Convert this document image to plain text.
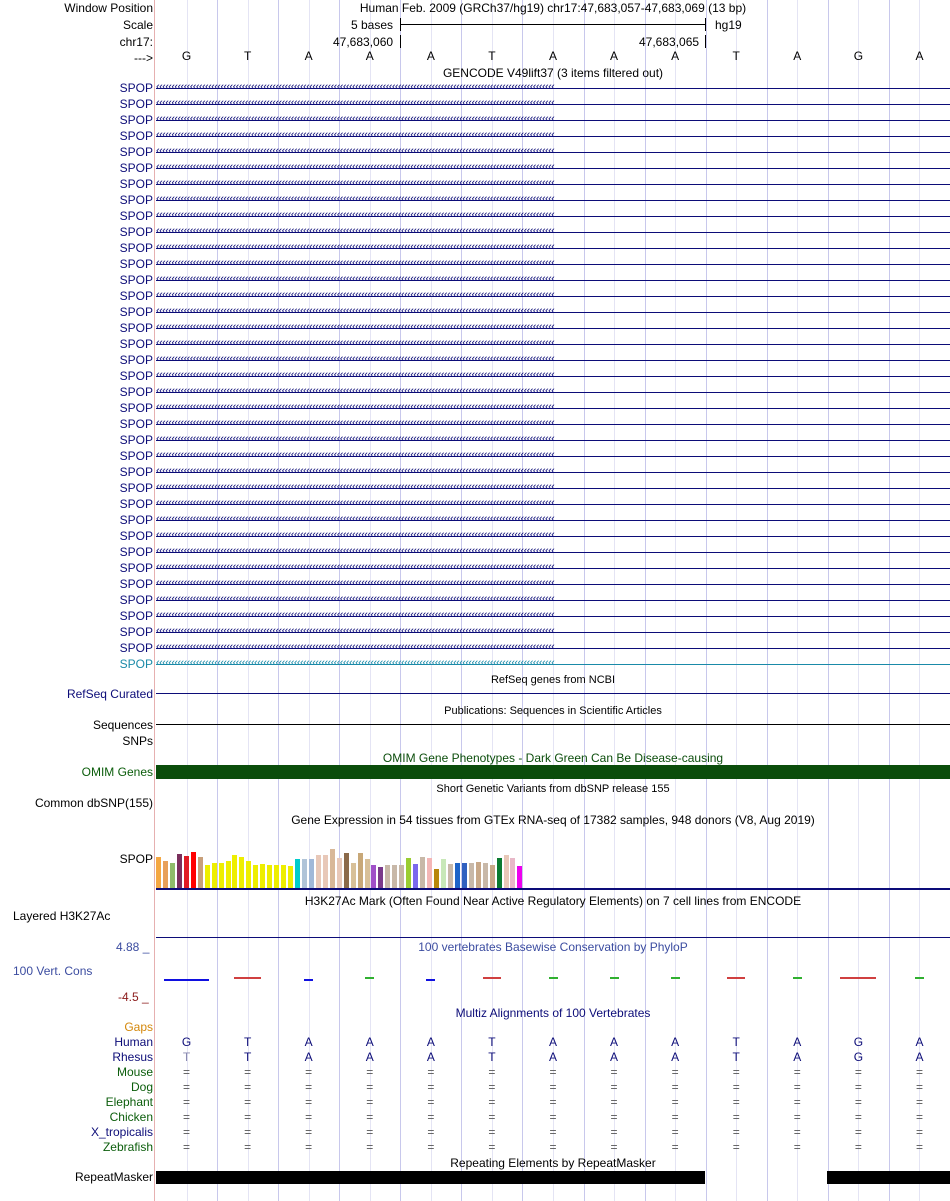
Window Position
Scale
chr17:
--->
Human Feb. 2009 (GRCh37/hg19) chr17:47,683,057-47,683,069 (13 bp)
5 bases	hg19
47,683,060	47,683,065
G	T	A	A	A	T	A	A	A	T	A	G	A
GENCODE V49lift37 (3 items filtered out)
SPOP ‹‹‹‹‹‹‹‹‹‹‹‹‹‹‹‹‹‹‹‹‹‹‹‹‹‹‹‹‹‹‹‹‹‹‹‹‹‹‹‹‹‹‹‹‹‹‹‹‹‹‹‹‹‹‹‹‹‹‹‹‹‹‹‹‹‹‹‹‹‹‹‹‹‹‹‹‹‹‹‹‹‹‹‹‹‹‹‹‹‹‹‹‹‹‹‹‹‹‹‹‹‹‹‹‹‹‹‹‹‹‹‹‹‹‹‹‹‹‹‹‹‹‹‹‹‹‹‹‹‹
SPOP ‹‹‹‹‹‹‹‹‹‹‹‹‹‹‹‹‹‹‹‹‹‹‹‹‹‹‹‹‹‹‹‹‹‹‹‹‹‹‹‹‹‹‹‹‹‹‹‹‹‹‹‹‹‹‹‹‹‹‹‹‹‹‹‹‹‹‹‹‹‹‹‹‹‹‹‹‹‹‹‹‹‹‹‹‹‹‹‹‹‹‹‹‹‹‹‹‹‹‹‹‹‹‹‹‹‹‹‹‹‹‹‹‹‹‹‹‹‹‹‹‹‹‹‹‹‹‹‹‹‹
SPOP ‹‹‹‹‹‹‹‹‹‹‹‹‹‹‹‹‹‹‹‹‹‹‹‹‹‹‹‹‹‹‹‹‹‹‹‹‹‹‹‹‹‹‹‹‹‹‹‹‹‹‹‹‹‹‹‹‹‹‹‹‹‹‹‹‹‹‹‹‹‹‹‹‹‹‹‹‹‹‹‹‹‹‹‹‹‹‹‹‹‹‹‹‹‹‹‹‹‹‹‹‹‹‹‹‹‹‹‹‹‹‹‹‹‹‹‹‹‹‹‹‹‹‹‹‹‹‹‹‹‹
SPOP ‹‹‹‹‹‹‹‹‹‹‹‹‹‹‹‹‹‹‹‹‹‹‹‹‹‹‹‹‹‹‹‹‹‹‹‹‹‹‹‹‹‹‹‹‹‹‹‹‹‹‹‹‹‹‹‹‹‹‹‹‹‹‹‹‹‹‹‹‹‹‹‹‹‹‹‹‹‹‹‹‹‹‹‹‹‹‹‹‹‹‹‹‹‹‹‹‹‹‹‹‹‹‹‹‹‹‹‹‹‹‹‹‹‹‹‹‹‹‹‹‹‹‹‹‹‹‹‹‹‹
SPOP ‹‹‹‹‹‹‹‹‹‹‹‹‹‹‹‹‹‹‹‹‹‹‹‹‹‹‹‹‹‹‹‹‹‹‹‹‹‹‹‹‹‹‹‹‹‹‹‹‹‹‹‹‹‹‹‹‹‹‹‹‹‹‹‹‹‹‹‹‹‹‹‹‹‹‹‹‹‹‹‹‹‹‹‹‹‹‹‹‹‹‹‹‹‹‹‹‹‹‹‹‹‹‹‹‹‹‹‹‹‹‹‹‹‹‹‹‹‹‹‹‹‹‹‹‹‹‹‹‹‹
SPOP ‹‹‹‹‹‹‹‹‹‹‹‹‹‹‹‹‹‹‹‹‹‹‹‹‹‹‹‹‹‹‹‹‹‹‹‹‹‹‹‹‹‹‹‹‹‹‹‹‹‹‹‹‹‹‹‹‹‹‹‹‹‹‹‹‹‹‹‹‹‹‹‹‹‹‹‹‹‹‹‹‹‹‹‹‹‹‹‹‹‹‹‹‹‹‹‹‹‹‹‹‹‹‹‹‹‹‹‹‹‹‹‹‹‹‹‹‹‹‹‹‹‹‹‹‹‹‹‹‹‹
SPOP ‹‹‹‹‹‹‹‹‹‹‹‹‹‹‹‹‹‹‹‹‹‹‹‹‹‹‹‹‹‹‹‹‹‹‹‹‹‹‹‹‹‹‹‹‹‹‹‹‹‹‹‹‹‹‹‹‹‹‹‹‹‹‹‹‹‹‹‹‹‹‹‹‹‹‹‹‹‹‹‹‹‹‹‹‹‹‹‹‹‹‹‹‹‹‹‹‹‹‹‹‹‹‹‹‹‹‹‹‹‹‹‹‹‹‹‹‹‹‹‹‹‹‹‹‹‹‹‹‹‹
SPOP ‹‹‹‹‹‹‹‹‹‹‹‹‹‹‹‹‹‹‹‹‹‹‹‹‹‹‹‹‹‹‹‹‹‹‹‹‹‹‹‹‹‹‹‹‹‹‹‹‹‹‹‹‹‹‹‹‹‹‹‹‹‹‹‹‹‹‹‹‹‹‹‹‹‹‹‹‹‹‹‹‹‹‹‹‹‹‹‹‹‹‹‹‹‹‹‹‹‹‹‹‹‹‹‹‹‹‹‹‹‹‹‹‹‹‹‹‹‹‹‹‹‹‹‹‹‹‹‹‹‹
SPOP ‹‹‹‹‹‹‹‹‹‹‹‹‹‹‹‹‹‹‹‹‹‹‹‹‹‹‹‹‹‹‹‹‹‹‹‹‹‹‹‹‹‹‹‹‹‹‹‹‹‹‹‹‹‹‹‹‹‹‹‹‹‹‹‹‹‹‹‹‹‹‹‹‹‹‹‹‹‹‹‹‹‹‹‹‹‹‹‹‹‹‹‹‹‹‹‹‹‹‹‹‹‹‹‹‹‹‹‹‹‹‹‹‹‹‹‹‹‹‹‹‹‹‹‹‹‹‹‹‹‹
SPOP ‹‹‹‹‹‹‹‹‹‹‹‹‹‹‹‹‹‹‹‹‹‹‹‹‹‹‹‹‹‹‹‹‹‹‹‹‹‹‹‹‹‹‹‹‹‹‹‹‹‹‹‹‹‹‹‹‹‹‹‹‹‹‹‹‹‹‹‹‹‹‹‹‹‹‹‹‹‹‹‹‹‹‹‹‹‹‹‹‹‹‹‹‹‹‹‹‹‹‹‹‹‹‹‹‹‹‹‹‹‹‹‹‹‹‹‹‹‹‹‹‹‹‹‹‹‹‹‹‹‹
SPOP ‹‹‹‹‹‹‹‹‹‹‹‹‹‹‹‹‹‹‹‹‹‹‹‹‹‹‹‹‹‹‹‹‹‹‹‹‹‹‹‹‹‹‹‹‹‹‹‹‹‹‹‹‹‹‹‹‹‹‹‹‹‹‹‹‹‹‹‹‹‹‹‹‹‹‹‹‹‹‹‹‹‹‹‹‹‹‹‹‹‹‹‹‹‹‹‹‹‹‹‹‹‹‹‹‹‹‹‹‹‹‹‹‹‹‹‹‹‹‹‹‹‹‹‹‹‹‹‹‹‹
SPOP ‹‹‹‹‹‹‹‹‹‹‹‹‹‹‹‹‹‹‹‹‹‹‹‹‹‹‹‹‹‹‹‹‹‹‹‹‹‹‹‹‹‹‹‹‹‹‹‹‹‹‹‹‹‹‹‹‹‹‹‹‹‹‹‹‹‹‹‹‹‹‹‹‹‹‹‹‹‹‹‹‹‹‹‹‹‹‹‹‹‹‹‹‹‹‹‹‹‹‹‹‹‹‹‹‹‹‹‹‹‹‹‹‹‹‹‹‹‹‹‹‹‹‹‹‹‹‹‹‹‹
SPOP ‹‹‹‹‹‹‹‹‹‹‹‹‹‹‹‹‹‹‹‹‹‹‹‹‹‹‹‹‹‹‹‹‹‹‹‹‹‹‹‹‹‹‹‹‹‹‹‹‹‹‹‹‹‹‹‹‹‹‹‹‹‹‹‹‹‹‹‹‹‹‹‹‹‹‹‹‹‹‹‹‹‹‹‹‹‹‹‹‹‹‹‹‹‹‹‹‹‹‹‹‹‹‹‹‹‹‹‹‹‹‹‹‹‹‹‹‹‹‹‹‹‹‹‹‹‹‹‹‹‹
SPOP ‹‹‹‹‹‹‹‹‹‹‹‹‹‹‹‹‹‹‹‹‹‹‹‹‹‹‹‹‹‹‹‹‹‹‹‹‹‹‹‹‹‹‹‹‹‹‹‹‹‹‹‹‹‹‹‹‹‹‹‹‹‹‹‹‹‹‹‹‹‹‹‹‹‹‹‹‹‹‹‹‹‹‹‹‹‹‹‹‹‹‹‹‹‹‹‹‹‹‹‹‹‹‹‹‹‹‹‹‹‹‹‹‹‹‹‹‹‹‹‹‹‹‹‹‹‹‹‹‹‹
SPOP ‹‹‹‹‹‹‹‹‹‹‹‹‹‹‹‹‹‹‹‹‹‹‹‹‹‹‹‹‹‹‹‹‹‹‹‹‹‹‹‹‹‹‹‹‹‹‹‹‹‹‹‹‹‹‹‹‹‹‹‹‹‹‹‹‹‹‹‹‹‹‹‹‹‹‹‹‹‹‹‹‹‹‹‹‹‹‹‹‹‹‹‹‹‹‹‹‹‹‹‹‹‹‹‹‹‹‹‹‹‹‹‹‹‹‹‹‹‹‹‹‹‹‹‹‹‹‹‹‹‹
SPOP ‹‹‹‹‹‹‹‹‹‹‹‹‹‹‹‹‹‹‹‹‹‹‹‹‹‹‹‹‹‹‹‹‹‹‹‹‹‹‹‹‹‹‹‹‹‹‹‹‹‹‹‹‹‹‹‹‹‹‹‹‹‹‹‹‹‹‹‹‹‹‹‹‹‹‹‹‹‹‹‹‹‹‹‹‹‹‹‹‹‹‹‹‹‹‹‹‹‹‹‹‹‹‹‹‹‹‹‹‹‹‹‹‹‹‹‹‹‹‹‹‹‹‹‹‹‹‹‹‹‹
SPOP ‹‹‹‹‹‹‹‹‹‹‹‹‹‹‹‹‹‹‹‹‹‹‹‹‹‹‹‹‹‹‹‹‹‹‹‹‹‹‹‹‹‹‹‹‹‹‹‹‹‹‹‹‹‹‹‹‹‹‹‹‹‹‹‹‹‹‹‹‹‹‹‹‹‹‹‹‹‹‹‹‹‹‹‹‹‹‹‹‹‹‹‹‹‹‹‹‹‹‹‹‹‹‹‹‹‹‹‹‹‹‹‹‹‹‹‹‹‹‹‹‹‹‹‹‹‹‹‹‹‹
SPOP ‹‹‹‹‹‹‹‹‹‹‹‹‹‹‹‹‹‹‹‹‹‹‹‹‹‹‹‹‹‹‹‹‹‹‹‹‹‹‹‹‹‹‹‹‹‹‹‹‹‹‹‹‹‹‹‹‹‹‹‹‹‹‹‹‹‹‹‹‹‹‹‹‹‹‹‹‹‹‹‹‹‹‹‹‹‹‹‹‹‹‹‹‹‹‹‹‹‹‹‹‹‹‹‹‹‹‹‹‹‹‹‹‹‹‹‹‹‹‹‹‹‹‹‹‹‹‹‹‹‹
SPOP ‹‹‹‹‹‹‹‹‹‹‹‹‹‹‹‹‹‹‹‹‹‹‹‹‹‹‹‹‹‹‹‹‹‹‹‹‹‹‹‹‹‹‹‹‹‹‹‹‹‹‹‹‹‹‹‹‹‹‹‹‹‹‹‹‹‹‹‹‹‹‹‹‹‹‹‹‹‹‹‹‹‹‹‹‹‹‹‹‹‹‹‹‹‹‹‹‹‹‹‹‹‹‹‹‹‹‹‹‹‹‹‹‹‹‹‹‹‹‹‹‹‹‹‹‹‹‹‹‹‹
SPOP ‹‹‹‹‹‹‹‹‹‹‹‹‹‹‹‹‹‹‹‹‹‹‹‹‹‹‹‹‹‹‹‹‹‹‹‹‹‹‹‹‹‹‹‹‹‹‹‹‹‹‹‹‹‹‹‹‹‹‹‹‹‹‹‹‹‹‹‹‹‹‹‹‹‹‹‹‹‹‹‹‹‹‹‹‹‹‹‹‹‹‹‹‹‹‹‹‹‹‹‹‹‹‹‹‹‹‹‹‹‹‹‹‹‹‹‹‹‹‹‹‹‹‹‹‹‹‹‹‹‹
SPOP ‹‹‹‹‹‹‹‹‹‹‹‹‹‹‹‹‹‹‹‹‹‹‹‹‹‹‹‹‹‹‹‹‹‹‹‹‹‹‹‹‹‹‹‹‹‹‹‹‹‹‹‹‹‹‹‹‹‹‹‹‹‹‹‹‹‹‹‹‹‹‹‹‹‹‹‹‹‹‹‹‹‹‹‹‹‹‹‹‹‹‹‹‹‹‹‹‹‹‹‹‹‹‹‹‹‹‹‹‹‹‹‹‹‹‹‹‹‹‹‹‹‹‹‹‹‹‹‹‹‹
SPOP ‹‹‹‹‹‹‹‹‹‹‹‹‹‹‹‹‹‹‹‹‹‹‹‹‹‹‹‹‹‹‹‹‹‹‹‹‹‹‹‹‹‹‹‹‹‹‹‹‹‹‹‹‹‹‹‹‹‹‹‹‹‹‹‹‹‹‹‹‹‹‹‹‹‹‹‹‹‹‹‹‹‹‹‹‹‹‹‹‹‹‹‹‹‹‹‹‹‹‹‹‹‹‹‹‹‹‹‹‹‹‹‹‹‹‹‹‹‹‹‹‹‹‹‹‹‹‹‹‹‹
SPOP ‹‹‹‹‹‹‹‹‹‹‹‹‹‹‹‹‹‹‹‹‹‹‹‹‹‹‹‹‹‹‹‹‹‹‹‹‹‹‹‹‹‹‹‹‹‹‹‹‹‹‹‹‹‹‹‹‹‹‹‹‹‹‹‹‹‹‹‹‹‹‹‹‹‹‹‹‹‹‹‹‹‹‹‹‹‹‹‹‹‹‹‹‹‹‹‹‹‹‹‹‹‹‹‹‹‹‹‹‹‹‹‹‹‹‹‹‹‹‹‹‹‹‹‹‹‹‹‹‹‹
SPOP ‹‹‹‹‹‹‹‹‹‹‹‹‹‹‹‹‹‹‹‹‹‹‹‹‹‹‹‹‹‹‹‹‹‹‹‹‹‹‹‹‹‹‹‹‹‹‹‹‹‹‹‹‹‹‹‹‹‹‹‹‹‹‹‹‹‹‹‹‹‹‹‹‹‹‹‹‹‹‹‹‹‹‹‹‹‹‹‹‹‹‹‹‹‹‹‹‹‹‹‹‹‹‹‹‹‹‹‹‹‹‹‹‹‹‹‹‹‹‹‹‹‹‹‹‹‹‹‹‹‹
SPOP ‹‹‹‹‹‹‹‹‹‹‹‹‹‹‹‹‹‹‹‹‹‹‹‹‹‹‹‹‹‹‹‹‹‹‹‹‹‹‹‹‹‹‹‹‹‹‹‹‹‹‹‹‹‹‹‹‹‹‹‹‹‹‹‹‹‹‹‹‹‹‹‹‹‹‹‹‹‹‹‹‹‹‹‹‹‹‹‹‹‹‹‹‹‹‹‹‹‹‹‹‹‹‹‹‹‹‹‹‹‹‹‹‹‹‹‹‹‹‹‹‹‹‹‹‹‹‹‹‹‹
SPOP ‹‹‹‹‹‹‹‹‹‹‹‹‹‹‹‹‹‹‹‹‹‹‹‹‹‹‹‹‹‹‹‹‹‹‹‹‹‹‹‹‹‹‹‹‹‹‹‹‹‹‹‹‹‹‹‹‹‹‹‹‹‹‹‹‹‹‹‹‹‹‹‹‹‹‹‹‹‹‹‹‹‹‹‹‹‹‹‹‹‹‹‹‹‹‹‹‹‹‹‹‹‹‹‹‹‹‹‹‹‹‹‹‹‹‹‹‹‹‹‹‹‹‹‹‹‹‹‹‹‹
SPOP ‹‹‹‹‹‹‹‹‹‹‹‹‹‹‹‹‹‹‹‹‹‹‹‹‹‹‹‹‹‹‹‹‹‹‹‹‹‹‹‹‹‹‹‹‹‹‹‹‹‹‹‹‹‹‹‹‹‹‹‹‹‹‹‹‹‹‹‹‹‹‹‹‹‹‹‹‹‹‹‹‹‹‹‹‹‹‹‹‹‹‹‹‹‹‹‹‹‹‹‹‹‹‹‹‹‹‹‹‹‹‹‹‹‹‹‹‹‹‹‹‹‹‹‹‹‹‹‹‹‹
SPOP ‹‹‹‹‹‹‹‹‹‹‹‹‹‹‹‹‹‹‹‹‹‹‹‹‹‹‹‹‹‹‹‹‹‹‹‹‹‹‹‹‹‹‹‹‹‹‹‹‹‹‹‹‹‹‹‹‹‹‹‹‹‹‹‹‹‹‹‹‹‹‹‹‹‹‹‹‹‹‹‹‹‹‹‹‹‹‹‹‹‹‹‹‹‹‹‹‹‹‹‹‹‹‹‹‹‹‹‹‹‹‹‹‹‹‹‹‹‹‹‹‹‹‹‹‹‹‹‹‹‹
SPOP ‹‹‹‹‹‹‹‹‹‹‹‹‹‹‹‹‹‹‹‹‹‹‹‹‹‹‹‹‹‹‹‹‹‹‹‹‹‹‹‹‹‹‹‹‹‹‹‹‹‹‹‹‹‹‹‹‹‹‹‹‹‹‹‹‹‹‹‹‹‹‹‹‹‹‹‹‹‹‹‹‹‹‹‹‹‹‹‹‹‹‹‹‹‹‹‹‹‹‹‹‹‹‹‹‹‹‹‹‹‹‹‹‹‹‹‹‹‹‹‹‹‹‹‹‹‹‹‹‹‹
SPOP ‹‹‹‹‹‹‹‹‹‹‹‹‹‹‹‹‹‹‹‹‹‹‹‹‹‹‹‹‹‹‹‹‹‹‹‹‹‹‹‹‹‹‹‹‹‹‹‹‹‹‹‹‹‹‹‹‹‹‹‹‹‹‹‹‹‹‹‹‹‹‹‹‹‹‹‹‹‹‹‹‹‹‹‹‹‹‹‹‹‹‹‹‹‹‹‹‹‹‹‹‹‹‹‹‹‹‹‹‹‹‹‹‹‹‹‹‹‹‹‹‹‹‹‹‹‹‹‹‹‹
SPOP ‹‹‹‹‹‹‹‹‹‹‹‹‹‹‹‹‹‹‹‹‹‹‹‹‹‹‹‹‹‹‹‹‹‹‹‹‹‹‹‹‹‹‹‹‹‹‹‹‹‹‹‹‹‹‹‹‹‹‹‹‹‹‹‹‹‹‹‹‹‹‹‹‹‹‹‹‹‹‹‹‹‹‹‹‹‹‹‹‹‹‹‹‹‹‹‹‹‹‹‹‹‹‹‹‹‹‹‹‹‹‹‹‹‹‹‹‹‹‹‹‹‹‹‹‹‹‹‹‹‹
SPOP ‹‹‹‹‹‹‹‹‹‹‹‹‹‹‹‹‹‹‹‹‹‹‹‹‹‹‹‹‹‹‹‹‹‹‹‹‹‹‹‹‹‹‹‹‹‹‹‹‹‹‹‹‹‹‹‹‹‹‹‹‹‹‹‹‹‹‹‹‹‹‹‹‹‹‹‹‹‹‹‹‹‹‹‹‹‹‹‹‹‹‹‹‹‹‹‹‹‹‹‹‹‹‹‹‹‹‹‹‹‹‹‹‹‹‹‹‹‹‹‹‹‹‹‹‹‹‹‹‹‹
SPOP ‹‹‹‹‹‹‹‹‹‹‹‹‹‹‹‹‹‹‹‹‹‹‹‹‹‹‹‹‹‹‹‹‹‹‹‹‹‹‹‹‹‹‹‹‹‹‹‹‹‹‹‹‹‹‹‹‹‹‹‹‹‹‹‹‹‹‹‹‹‹‹‹‹‹‹‹‹‹‹‹‹‹‹‹‹‹‹‹‹‹‹‹‹‹‹‹‹‹‹‹‹‹‹‹‹‹‹‹‹‹‹‹‹‹‹‹‹‹‹‹‹‹‹‹‹‹‹‹‹‹
SPOP ‹‹‹‹‹‹‹‹‹‹‹‹‹‹‹‹‹‹‹‹‹‹‹‹‹‹‹‹‹‹‹‹‹‹‹‹‹‹‹‹‹‹‹‹‹‹‹‹‹‹‹‹‹‹‹‹‹‹‹‹‹‹‹‹‹‹‹‹‹‹‹‹‹‹‹‹‹‹‹‹‹‹‹‹‹‹‹‹‹‹‹‹‹‹‹‹‹‹‹‹‹‹‹‹‹‹‹‹‹‹‹‹‹‹‹‹‹‹‹‹‹‹‹‹‹‹‹‹‹‹
SPOP ‹‹‹‹‹‹‹‹‹‹‹‹‹‹‹‹‹‹‹‹‹‹‹‹‹‹‹‹‹‹‹‹‹‹‹‹‹‹‹‹‹‹‹‹‹‹‹‹‹‹‹‹‹‹‹‹‹‹‹‹‹‹‹‹‹‹‹‹‹‹‹‹‹‹‹‹‹‹‹‹‹‹‹‹‹‹‹‹‹‹‹‹‹‹‹‹‹‹‹‹‹‹‹‹‹‹‹‹‹‹‹‹‹‹‹‹‹‹‹‹‹‹‹‹‹‹‹‹‹‹
SPOP ‹‹‹‹‹‹‹‹‹‹‹‹‹‹‹‹‹‹‹‹‹‹‹‹‹‹‹‹‹‹‹‹‹‹‹‹‹‹‹‹‹‹‹‹‹‹‹‹‹‹‹‹‹‹‹‹‹‹‹‹‹‹‹‹‹‹‹‹‹‹‹‹‹‹‹‹‹‹‹‹‹‹‹‹‹‹‹‹‹‹‹‹‹‹‹‹‹‹‹‹‹‹‹‹‹‹‹‹‹‹‹‹‹‹‹‹‹‹‹‹‹‹‹‹‹‹‹‹‹‹
SPOP ‹‹‹‹‹‹‹‹‹‹‹‹‹‹‹‹‹‹‹‹‹‹‹‹‹‹‹‹‹‹‹‹‹‹‹‹‹‹‹‹‹‹‹‹‹‹‹‹‹‹‹‹‹‹‹‹‹‹‹‹‹‹‹‹‹‹‹‹‹‹‹‹‹‹‹‹‹‹‹‹‹‹‹‹‹‹‹‹‹‹‹‹‹‹‹‹‹‹‹‹‹‹‹‹‹‹‹‹‹‹‹‹‹‹‹‹‹‹‹‹‹‹‹‹‹‹‹‹‹‹
RefSeq genes from NCBI
RefSeq Curated
Publications: Sequences in Scientific Articles
Sequences
SNPs
OMIM Gene Phenotypes - Dark Green Can Be Disease-causing
OMIM Genes
Short Genetic Variants from dbSNP release 155
Common dbSNP(155)
Gene Expression in 54 tissues from GTEx RNA-seq of 17382 samples, 948 donors (V8, Aug 2019)
SPOP
H3K27Ac Mark (Often Found Near Active Regulatory Elements) on 7 cell lines from ENCODE
Layered H3K27Ac
100 vertebrates Basewise Conservation by PhyloP
4.88 _
100 Vert. Cons
-4.5 _
Multiz Alignments of 100 Vertebrates
Gaps
Human	G	T	A	A	A	T	A	A	A	T	A	G	A
Rhesus	T	T	A	A	A	T	A	A	A	T	A	G	A
Mouse	=	=	=	=	=	=	=	=	=	=	=	=	=
Dog	=	=	=	=	=	=	=	=	=	=	=	=	=
Elephant	=	=	=	=	=	=	=	=	=	=	=	=	=
Chicken	=	=	=	=	=	=	=	=	=	=	=	=	=
X_tropicalis	=	=	=	=	=	=	=	=	=	=	=	=	=
Zebrafish	=	=	=	=	=	=	=	=	=	=	=	=	=
Repeating Elements by RepeatMasker
RepeatMasker
